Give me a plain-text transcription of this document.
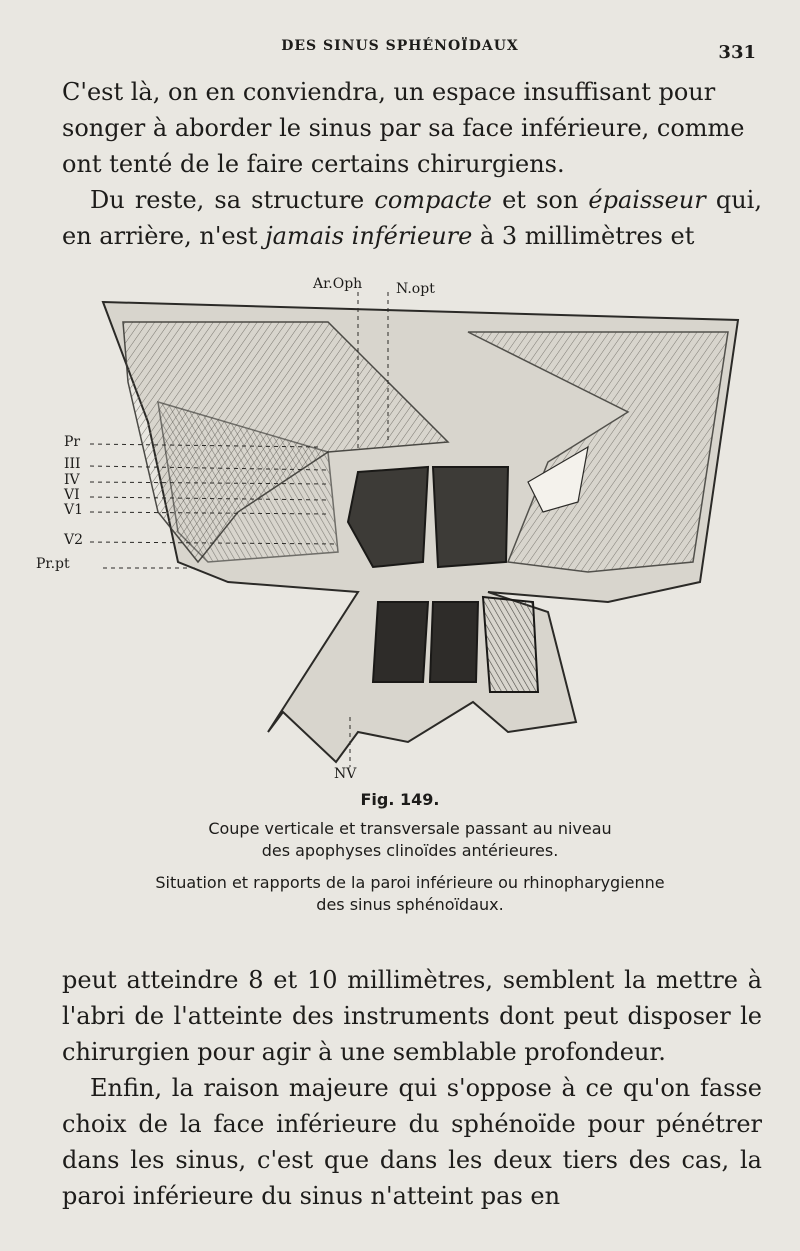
DES SINUS SPHÉNOÏDAUX	331

C'est là, on en conviendra, un espace insuffisant pour

songer à aborder le sinus par sa face inférieure, comme

ont tenté de le faire certains chirurgiens.

Du reste, sa structure compacte et son épaisseur qui, en arrière, n'est jamais inférieure à 3 millimètres et

Ar.Oph N.opt
Pr
III
IV
VI
V1
V2
Pr.pt
NV
Fig. 149.
Coupe verticale et transversale passant au niveau
des apophyses clinoïdes antérieures.
Situation et rapports de la paroi inférieure ou rhinopharygienne
des sinus sphénoïdaux.

peut atteindre 8 et 10 millimètres, semblent la mettre à l'abri de l'atteinte des instruments dont peut disposer le chirurgien pour agir à une semblable profondeur.

Enfin, la raison majeure qui s'oppose à ce qu'on fasse choix de la face inférieure du sphénoïde pour pénétrer dans les sinus, c'est que dans les deux tiers des cas, la paroi inférieure du sinus n'atteint pas en
